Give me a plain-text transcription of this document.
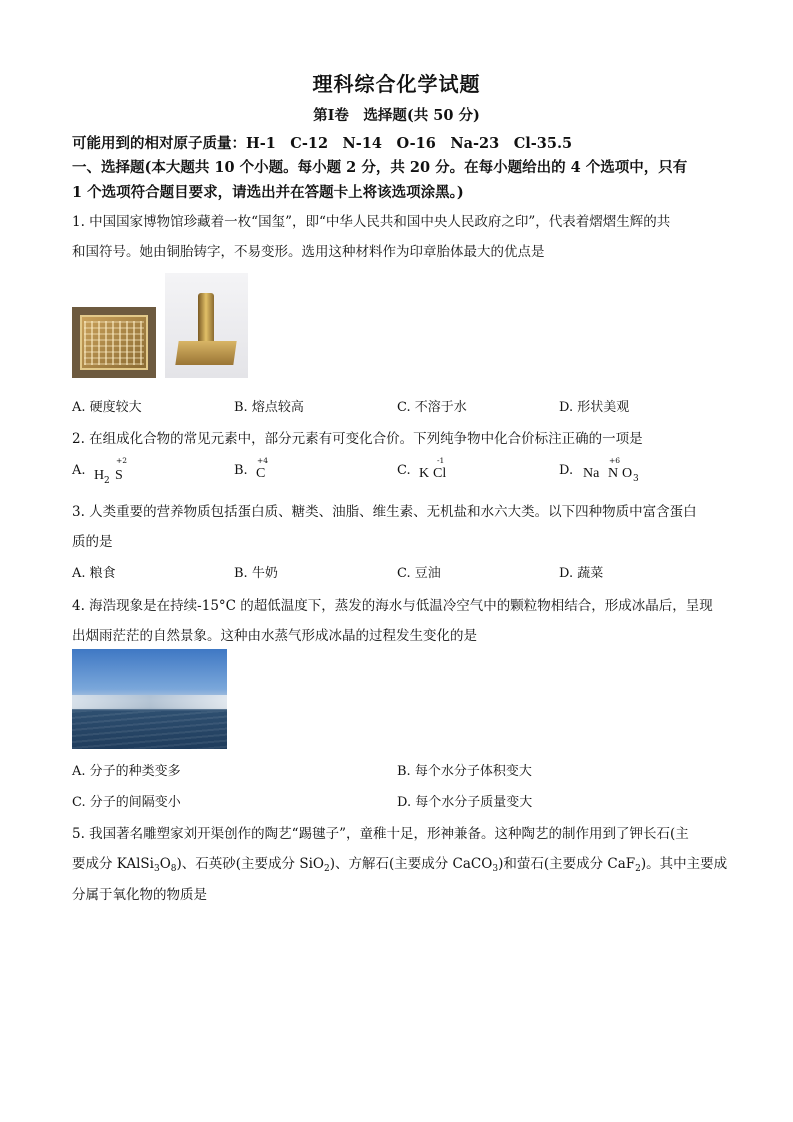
理科综合化学试题
第I卷　选择题(共 50 分)
可能用到的相对原子质量：H-1　C-12　N-14　O-16　Na-23　Cl-35.5
一、选择题(本大题共 10 个小题。每小题 2 分，共 20 分。在每小题给出的 4 个选项中，只有
1 个选项符合题目要求，请选出并在答题卡上将该选项涂黑。)
1. 中国国家博物馆珍藏着一枚“国玺”，即“中华人民共和国中央人民政府之印”，代表着熠熠生辉的共
和国符号。她由铜胎铸字，不易变形。选用这种材料作为印章胎体最大的优点是
A. 硬度较大	B. 熔点较高	C. 不溶于水	D. 形状美观
2. 在组成化合物的常见元素中，部分元素有可变化合价。下列纯争物中化合价标注正确的一项是
A. H 2 S
+2
B. C
+4
C. K Cl
-1
D. Na N
+6
O 3
3. 人类重要的营养物质包括蛋白质、糖类、油脂、维生素、无机盐和水六大类。以下四种物质中富含蛋白
质的是
A. 粮食	B. 牛奶	C. 豆油	D. 蔬菜
4. 海浩现象是在持续-15°C 的超低温度下，蒸发的海水与低温冷空气中的颗粒物相结合，形成冰晶后，呈现
出烟雨茫茫的自然景象。这种由水蒸气形成冰晶的过程发生变化的是
A. 分子的种类变多	B. 每个水分子体积变大
C. 分子的间隔变小	D. 每个水分子质量变大
5. 我国著名雕塑家刘开渠创作的陶艺“踢毽子”，童稚十足，形神兼备。这种陶艺的制作用到了钾长石(主
要成分 $KAlSi_3O_8$)、石英砂(主要成分 SiO$_2$)、方解石(主要成分 CaCO$_3$)和萤石(主要成分 CaF$_2$)。其中主要成
分属于氧化物的物质是
